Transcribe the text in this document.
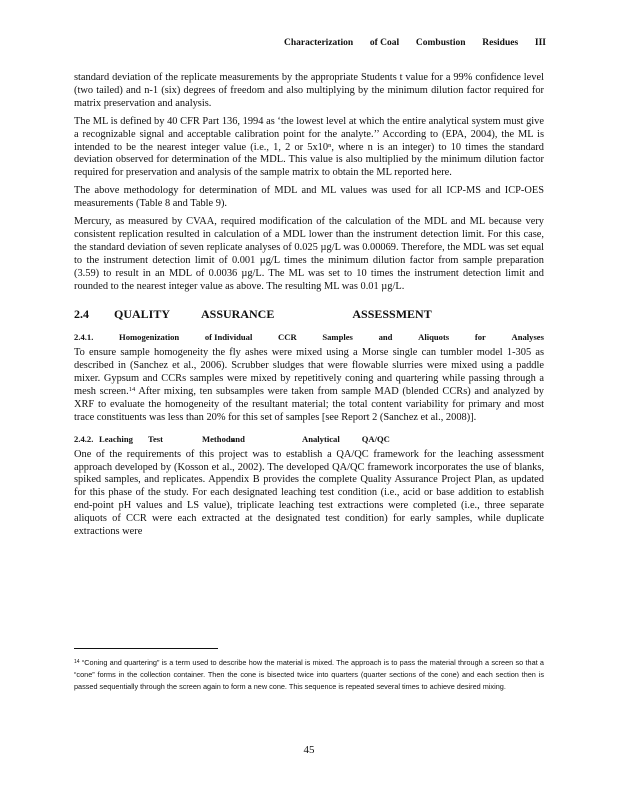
Characterization of Coal Combustion Residues III

standard deviation of the replicate measurements by the appropriate Students t value for a 99% confidence level (two tailed) and n-1 (six) degrees of freedom and also multiplying by the minimum dilution factor required for matrix preservation and analysis.

The ML is defined by 40 CFR Part 136, 1994 as ‘the lowest level at which the entire analytical system must give a recognizable signal and acceptable calibration point for the analyte.’’ According to (EPA, 2004), the ML is intended to be the nearest integer value (i.e., 1, 2 or 5x10$^n$, where n is an integer) to 10 times the standard deviation observed for determination of the MDL. This value is also multiplied by the minimum dilution factor required for preservation and analysis of the sample matrix to obtain the ML reported here.

The above methodology for determination of MDL and ML values was used for all ICP-MS and ICP-OES measurements (Table 8 and Table 9).

Mercury, as measured by CVAA, required modification of the calculation of the MDL and ML because very consistent replication resulted in calculation of a MDL lower than the instrument detection limit. For this case, the standard deviation of seven replicate analyses of 0.025 µg/L was 0.00069. Therefore, the MDL was set equal to the instrument detection limit of 0.001 µg/L times the minimum dilution factor from sample preparation (3.59) to result in an MDL of 0.0036 µg/L. The ML was set to 10 times the instrument detection limit and rounded to the nearest integer value as above. The resulting ML was 0.01 µg/L.

2.4	QUALITY	ASSURANCE	ASSESSMENT
2.4.1.	Homogenization	of Individual	CCR	Samples	and	Aliquots	for	Analyses

To ensure sample homogeneity the fly ashes were mixed using a Morse single can tumbler model 1-305 as described in (Sanchez et al., 2006). Scrubber sludges that were flowable slurries were mixed using a paddle mixer. Gypsum and CCRs samples were mixed by repetitively coning and quartering while passing through a mesh screen.$^{14}$ After mixing, ten subsamples were taken from sample MAD (blended CCRs) and analyzed by XRF to evaluate the homogeneity of the resultant material; the total content variability for primary and most trace constituents was less than 20% for this set of samples [see Report 2 (Sanchez et al., 2008)].

2.4.2. Leaching	Test	Methods
and	Analytical	QA/QC

One of the requirements of this project was to establish a QA/QC framework for the leaching assessment approach developed by (Kosson et al., 2002). The developed QA/QC framework incorporates the use of blanks, spiked samples, and replicates. Appendix B provides the complete Quality Assurance Project Plan, as updated for this phase of the study. For each designated leaching test condition (i.e., acid or base addition to establish end-point pH values and LS value), triplicate leaching test extractions were completed (i.e., three separate aliquots of CCR were each extracted at the designated test condition) for early samples, while duplicate extractions were

$^{14}$ “Coning and quartering” is a term used to describe how the material is mixed. The approach is to pass the material through a screen so that a “cone” forms in the collection container. Then the cone is bisected twice into quarters (quarter sections of the cone) and each section then is passed sequentially through the screen again to form a new cone. This sequence is repeated several times to achieve desired mixing.
45
